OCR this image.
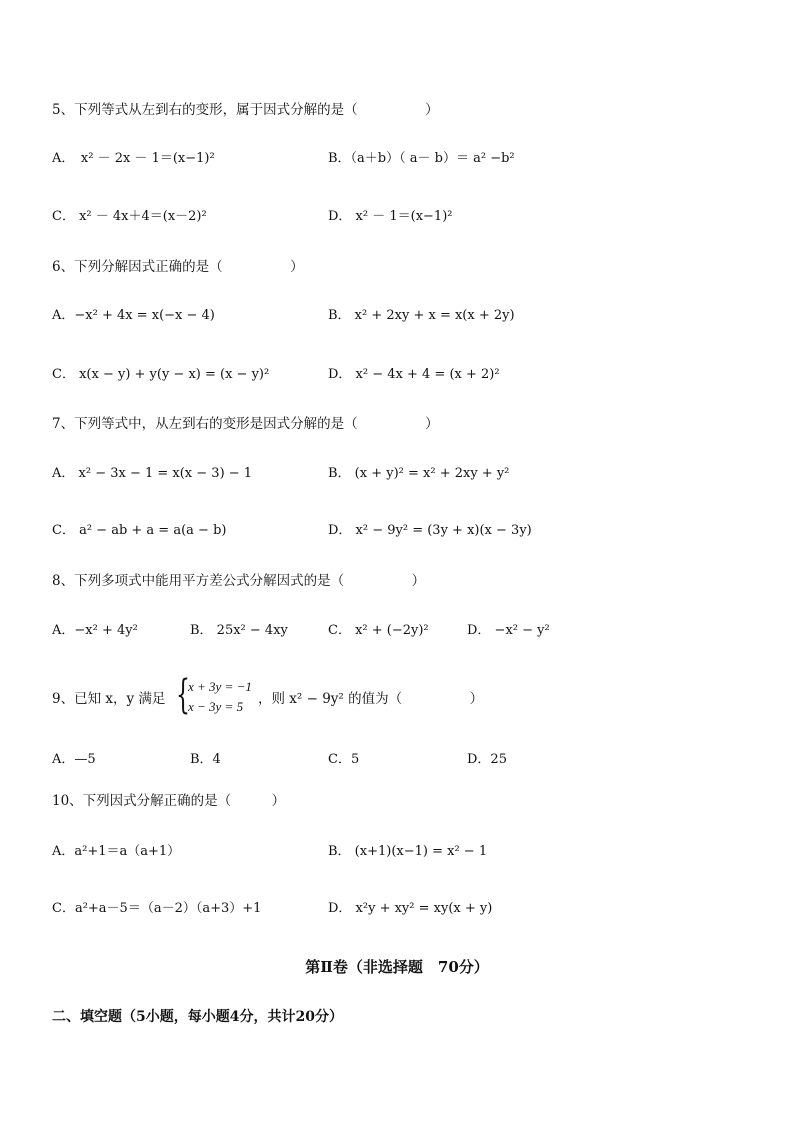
5、下列等式从左到右的变形，属于因式分解的是（　　　　　）
A．　x² － 2x － 1＝(x−1)²	B．（a＋b）（ a－ b）＝ a² −b²
C． x² － 4x＋4＝(x－2)²	D． x² － 1＝(x−1)²
6、下列分解因式正确的是（　　　　　）
A．−x² + 4x = x(−x − 4)	B． x² + 2xy + x = x(x + 2y)
C． x(x − y) + y(y − x) = (x − y)²	D． x² − 4x + 4 = (x + 2)²
7、下列等式中，从左到右的变形是因式分解的是（　　　　　）
A． x² − 3x − 1 = x(x − 3) − 1	B． (x + y)² = x² + 2xy + y²
C． a² − ab + a = a(a − b)	D． x² − 9y² = (3y + x)(x − 3y)
8、下列多项式中能用平方差公式分解因式的是（　　　　　）
A．−x² + 4y²	B． 25x² − 4xy	C． x² + (−2y)²	D． −x² − y²
9、已知 x，y 满足 {
x + 3y = −1
x − 3y = 5 ，则 x² − 9y² 的值为（　　　　　）
A．—5	B．4	C．5	D．25
10、下列因式分解正确的是（　　　）
A．a²+1＝a（a+1）	B． (x+1)(x−1) = x² − 1
C．a²+a－5＝（a－2）（a+3）+1	D． x²y + xy² = xy(x + y)
第Ⅱ卷（非选择题　70分）
二、填空题（5小题，每小题4分，共计20分）
